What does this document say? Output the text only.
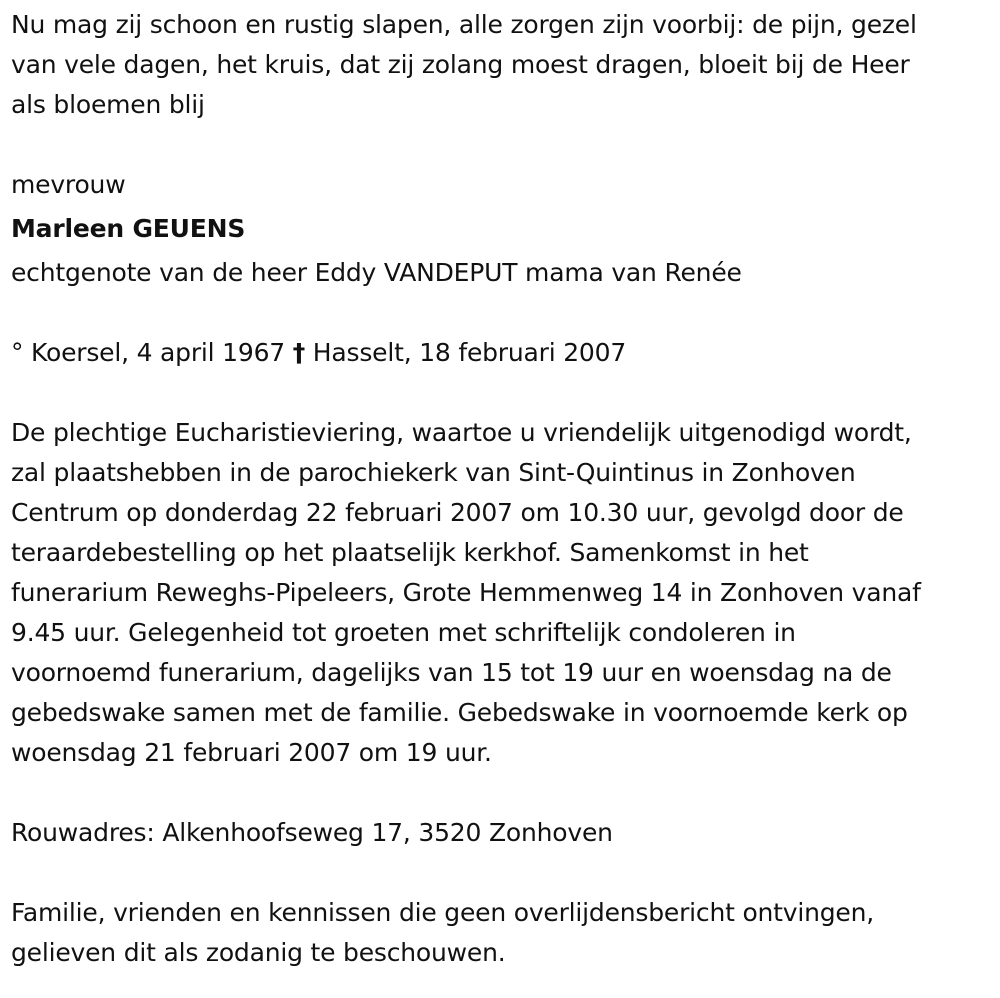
Nu mag zij schoon en rustig slapen, alle zorgen zijn voorbij: de pijn, gezel
van vele dagen, het kruis, dat zij zolang moest dragen, bloeit bij de Heer
als bloemen blij

mevrouw

Marleen GEUENS

echtgenote van de heer Eddy VANDEPUT mama van Renée

° Koersel, 4 april 1967 † Hasselt, 18 februari 2007

De plechtige Eucharistieviering, waartoe u vriendelijk uitgenodigd wordt,
zal plaatshebben in de parochiekerk van Sint-Quintinus in Zonhoven
Centrum op donderdag 22 februari 2007 om 10.30 uur, gevolgd door de
teraardebestelling op het plaatselijk kerkhof. Samenkomst in het
funerarium Reweghs-Pipeleers, Grote Hemmenweg 14 in Zonhoven vanaf
9.45 uur. Gelegenheid tot groeten met schriftelijk condoleren in
voornoemd funerarium, dagelijks van 15 tot 19 uur en woensdag na de
gebedswake samen met de familie. Gebedswake in voornoemde kerk op
woensdag 21 februari 2007 om 19 uur.

Rouwadres: Alkenhoofseweg 17, 3520 Zonhoven

Familie, vrienden en kennissen die geen overlijdensbericht ontvingen,
gelieven dit als zodanig te beschouwen.
